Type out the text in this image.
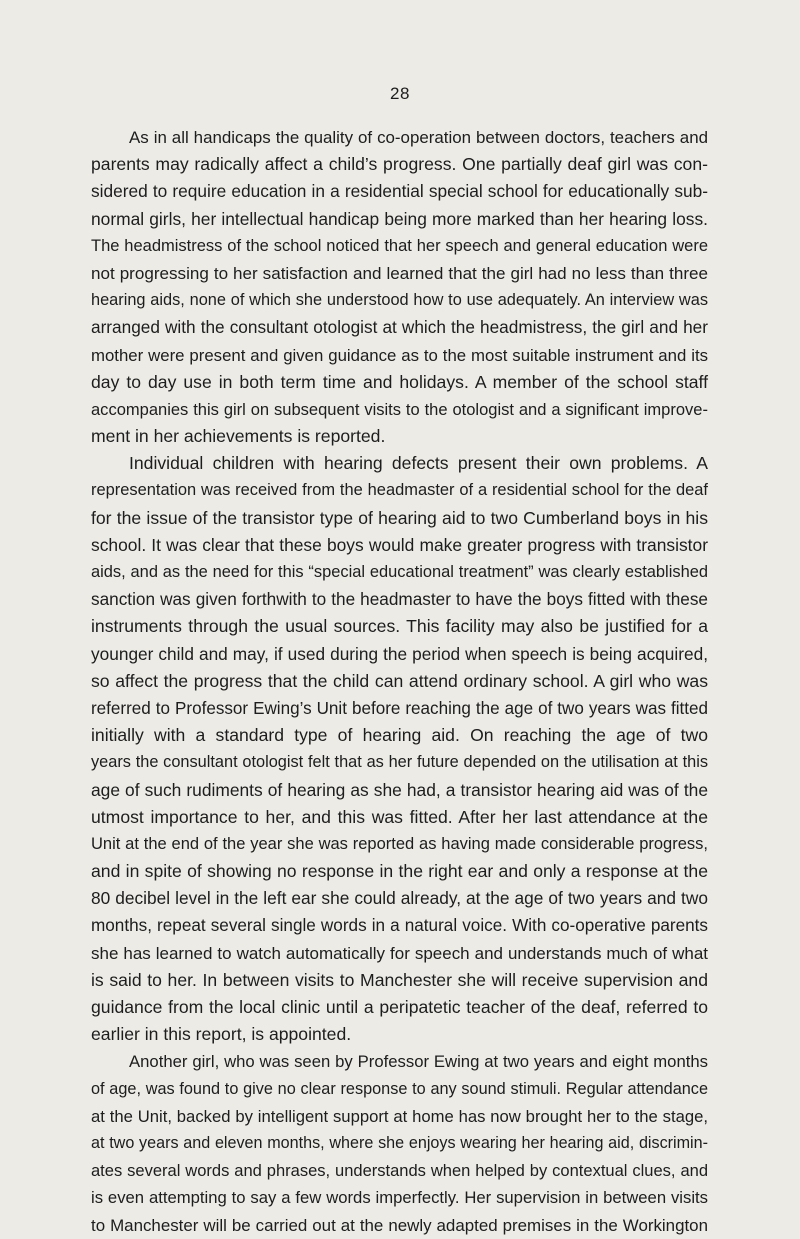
28
As in all handicaps the quality of co-operation between doctors, teachers and
parents may radically affect a child’s progress. One partially deaf girl was con-
sidered to require education in a residential special school for educationally sub-
normal girls, her intellectual handicap being more marked than her hearing loss.
The headmistress of the school noticed that her speech and general education were
not progressing to her satisfaction and learned that the girl had no less than three
hearing aids, none of which she understood how to use adequately. An interview was
arranged with the consultant otologist at which the headmistress, the girl and her
mother were present and given guidance as to the most suitable instrument and its
day to day use in both term time and holidays. A member of the school staff
accompanies this girl on subsequent visits to the otologist and a significant improve-
ment in her achievements is reported.
Individual children with hearing defects present their own problems. A
representation was received from the headmaster of a residential school for the deaf
for the issue of the transistor type of hearing aid to two Cumberland boys in his
school. It was clear that these boys would make greater progress with transistor
aids, and as the need for this “special educational treatment” was clearly established
sanction was given forthwith to the headmaster to have the boys fitted with these
instruments through the usual sources. This facility may also be justified for a
younger child and may, if used during the period when speech is being acquired,
so affect the progress that the child can attend ordinary school. A girl who was
referred to Professor Ewing’s Unit before reaching the age of two years was fitted
initially with a standard type of hearing aid. On reaching the age of two
years the consultant otologist felt that as her future depended on the utilisation at this
age of such rudiments of hearing as she had, a transistor hearing aid was of the
utmost importance to her, and this was fitted. After her last attendance at the
Unit at the end of the year she was reported as having made considerable progress,
and in spite of showing no response in the right ear and only a response at the
80 decibel level in the left ear she could already, at the age of two years and two
months, repeat several single words in a natural voice. With co-operative parents
she has learned to watch automatically for speech and understands much of what
is said to her. In between visits to Manchester she will receive supervision and
guidance from the local clinic until a peripatetic teacher of the deaf, referred to
earlier in this report, is appointed.
Another girl, who was seen by Professor Ewing at two years and eight months
of age, was found to give no clear response to any sound stimuli. Regular attendance
at the Unit, backed by intelligent support at home has now brought her to the stage,
at two years and eleven months, where she enjoys wearing her hearing aid, discrimin-
ates several words and phrases, understands when helped by contextual clues, and
is even attempting to say a few words imperfectly. Her supervision in between visits
to Manchester will be carried out at the newly adapted premises in the Workington
